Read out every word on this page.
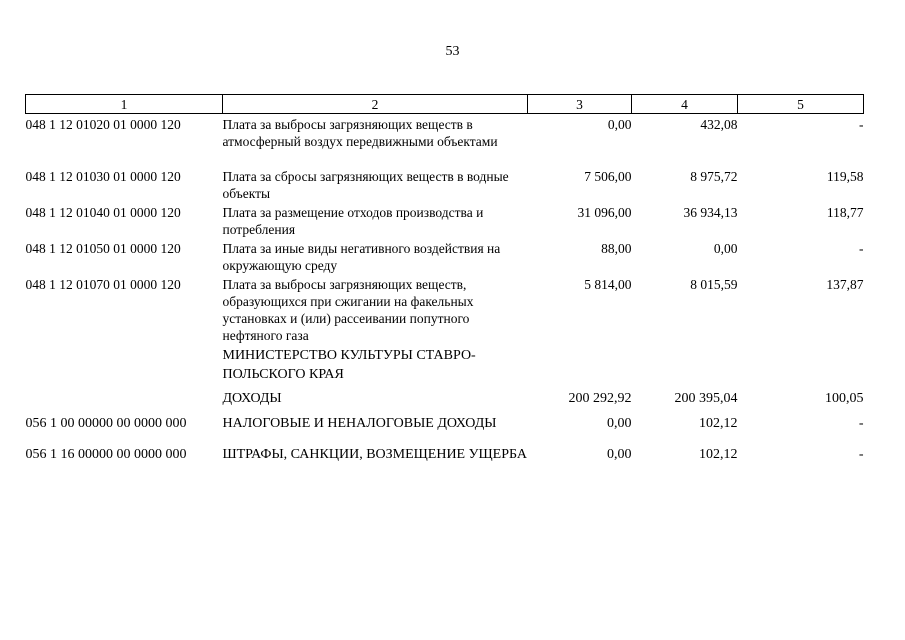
53
1	2	3	4	5
048 1 12 01020 01 0000 120	Плата за выбросы загрязняющих веществ в атмосферный воздух передвижными объектами	0,00	432,08	-
048 1 12 01030 01 0000 120	Плата за сбросы загрязняющих веществ в водные объекты	7 506,00	8 975,72	119,58
048 1 12 01040 01 0000 120	Плата за размещение отходов производства и потребления	31 096,00	36 934,13	118,77
048 1 12 01050 01 0000 120	Плата за иные виды негативного воздействия на окружающую среду	88,00	0,00	-
048 1 12 01070 01 0000 120	Плата за выбросы загрязняющих веществ, образующихся при сжигании на факельных установках и (или) рассеивании попутного нефтяного газа	5 814,00	8 015,59	137,87
	МИНИСТЕРСТВО КУЛЬТУРЫ СТАВРО-ПОЛЬСКОГО КРАЯ			
	ДОХОДЫ	200 292,92	200 395,04	100,05
056 1 00 00000 00 0000 000	НАЛОГОВЫЕ И НЕНАЛОГОВЫЕ ДОХОДЫ	0,00	102,12	-
056 1 16 00000 00 0000 000	ШТРАФЫ, САНКЦИИ, ВОЗМЕЩЕНИЕ УЩЕРБА	0,00	102,12	-
